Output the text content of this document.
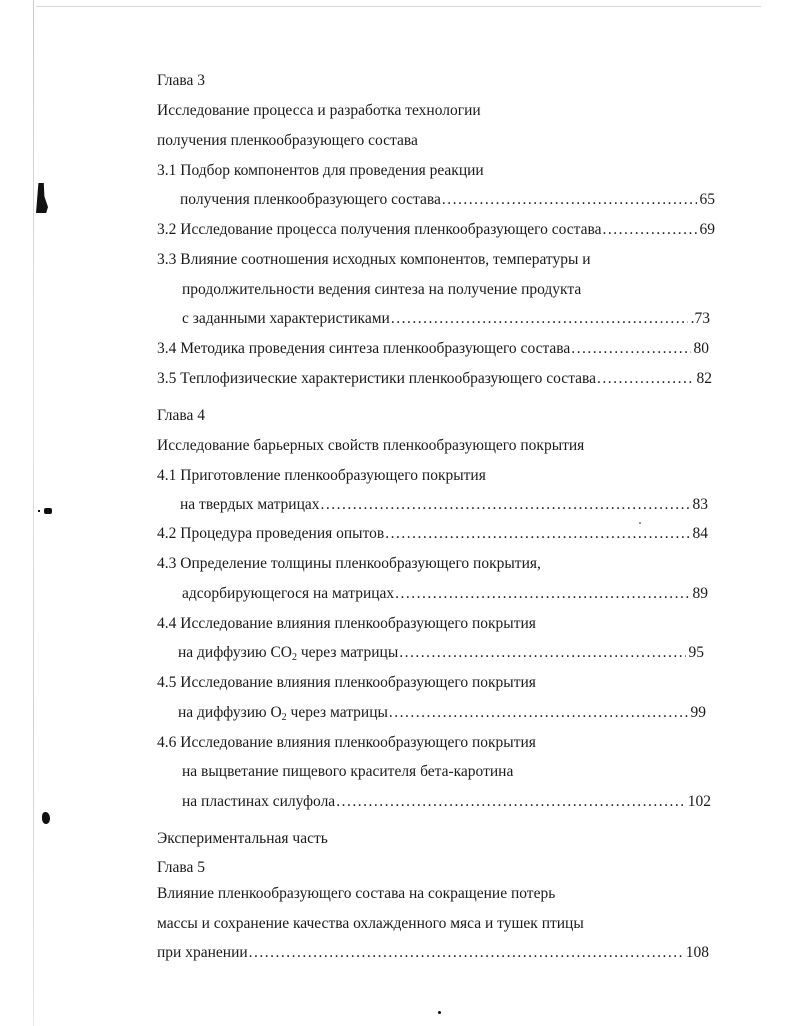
Глава 3
Исследование процесса и разработка технологии
получения пленкообразующего состава
3.1 Подбор компонентов для проведения реакции
получения пленкообразующего состава .....	65
3.2 Исследование процесса получения пленкообразующего состава .....	69
3.3 Влияние соотношения исходных компонентов, температуры и
продолжительности ведения синтеза на получение продукта
с заданными характеристиками .....	.73
3.4 Методика проведения синтеза пленкообразующего состава .....	80
3.5 Теплофизические характеристики пленкообразующего состава .....	82
Глава 4
Исследование барьерных свойств пленкообразующего покрытия
4.1 Приготовление пленкообразующего покрытия
на твердых матрицах .....	83
4.2 Процедура проведения опытов .....	84
4.3 Определение толщины пленкообразующего покрытия,
адсорбирующегося на матрицах .....	89
4.4 Исследование влияния пленкообразующего покрытия
на диффузию $СО_2$ через матрицы .....	95
4.5 Исследование влияния пленкообразующего покрытия
на диффузию $О_2$ через матрицы .....	99
4.6 Исследование влияния пленкообразующего покрытия
на выцветание пищевого красителя бета-каротина
на пластинах силуфола .....	102
Экспериментальная часть
Глава 5
Влияние пленкообразующего состава на сокращение потерь
массы и сохранение качества охлажденного мяса и тушек птицы
при хранении .....	108
